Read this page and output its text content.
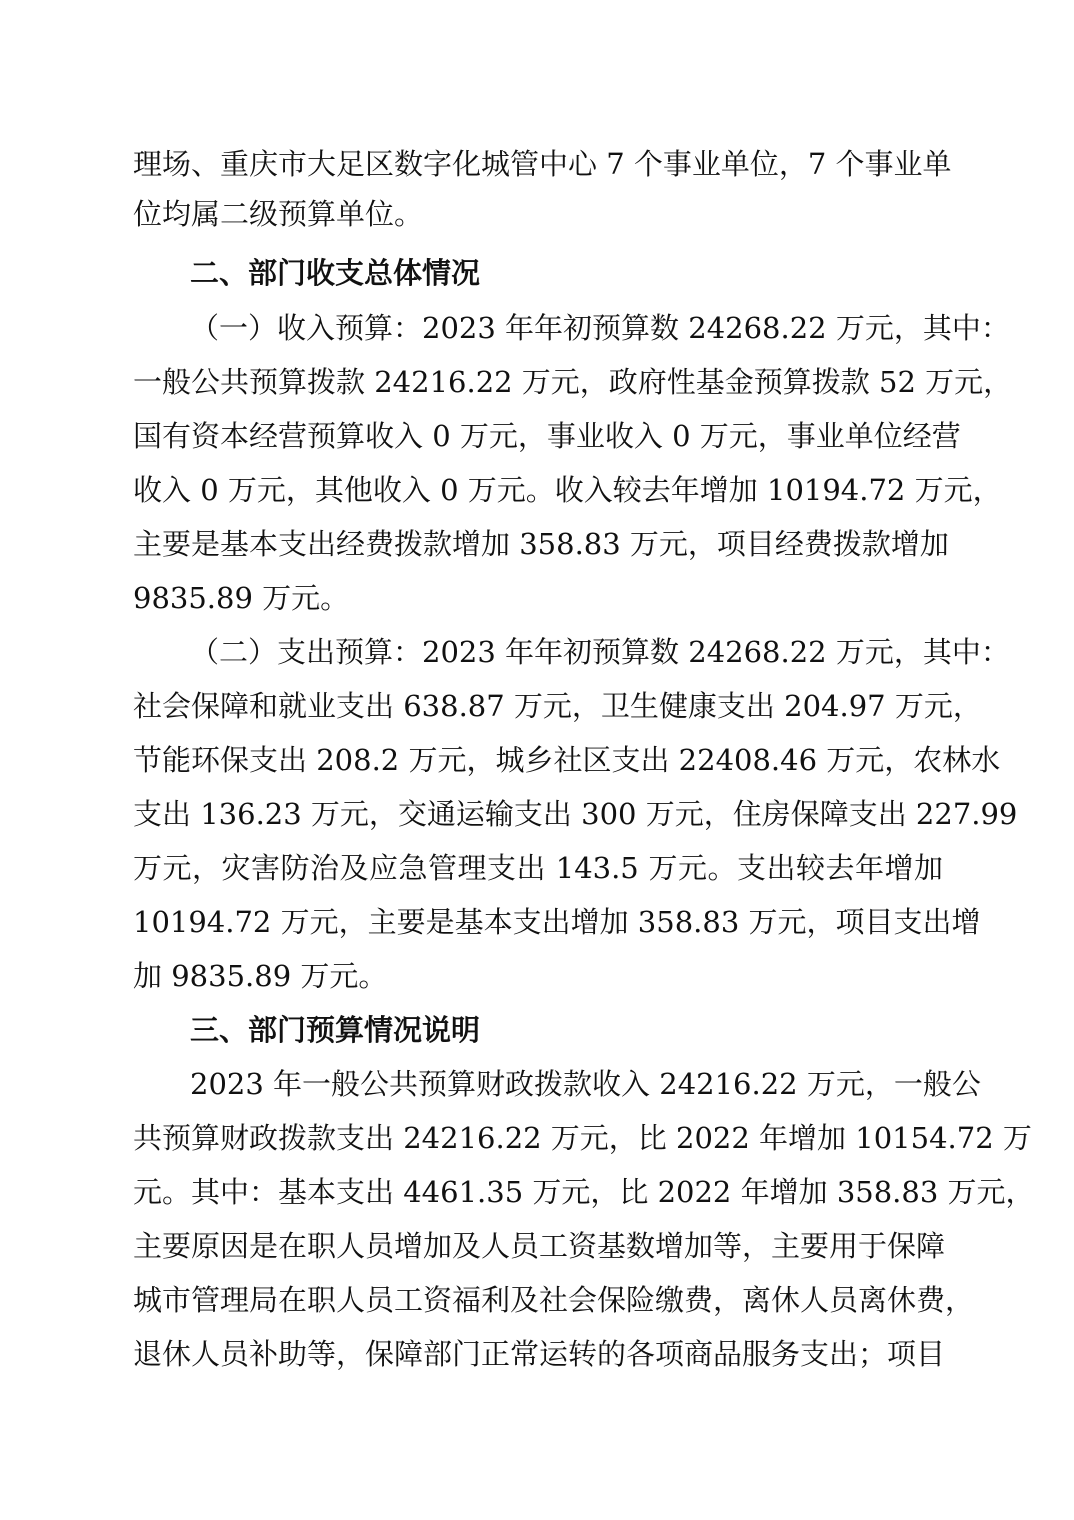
理场、重庆市大足区数字化城管中心 7 个事业单位，7 个事业单
位均属二级预算单位。
二、部门收支总体情况
（一）收入预算：2023 年年初预算数 24268.22 万元，其中：
一般公共预算拨款 24216.22 万元，政府性基金预算拨款 52 万元，
国有资本经营预算收入 0 万元，事业收入 0 万元，事业单位经营
收入 0 万元，其他收入 0 万元。收入较去年增加 10194.72 万元，
主要是基本支出经费拨款增加 358.83 万元，项目经费拨款增加
9835.89 万元。
（二）支出预算：2023 年年初预算数 24268.22 万元，其中：
社会保障和就业支出 638.87 万元，卫生健康支出 204.97 万元，
节能环保支出 208.2 万元，城乡社区支出 22408.46 万元，农林水
支出 136.23 万元，交通运输支出 300 万元，住房保障支出 227.99
万元，灾害防治及应急管理支出 143.5 万元。支出较去年增加
10194.72 万元，主要是基本支出增加 358.83 万元，项目支出增
加 9835.89 万元。
三、部门预算情况说明
2023 年一般公共预算财政拨款收入 24216.22 万元，一般公
共预算财政拨款支出 24216.22 万元，比 2022 年增加 10154.72 万
元。其中：基本支出 4461.35 万元，比 2022 年增加 358.83 万元，
主要原因是在职人员增加及人员工资基数增加等，主要用于保障
城市管理局在职人员工资福利及社会保险缴费，离休人员离休费，
退休人员补助等，保障部门正常运转的各项商品服务支出；项目
